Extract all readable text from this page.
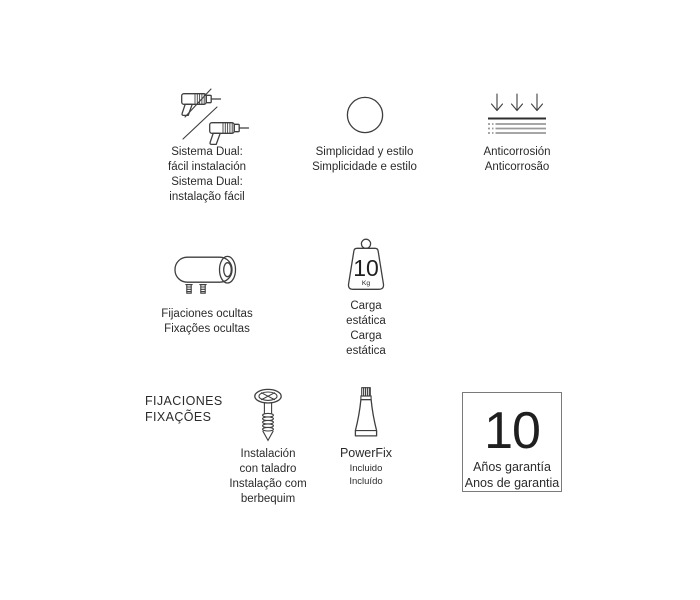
Sistema Dual:
fácil instalación
Sistema Dual:
instalação fácil
Simplicidad y estilo
Simplicidade e estilo
Anticorrosión
Anticorrosão
Fijaciones ocultas
Fixações ocultas
10
Kg
Carga
estática
Carga
estática
FIJACIONES
FIXAÇÕES
Instalación
con taladro
Instalação com
berbequim
PowerFix
Incluido
Incluído
10
Años garantía
Anos de garantia
